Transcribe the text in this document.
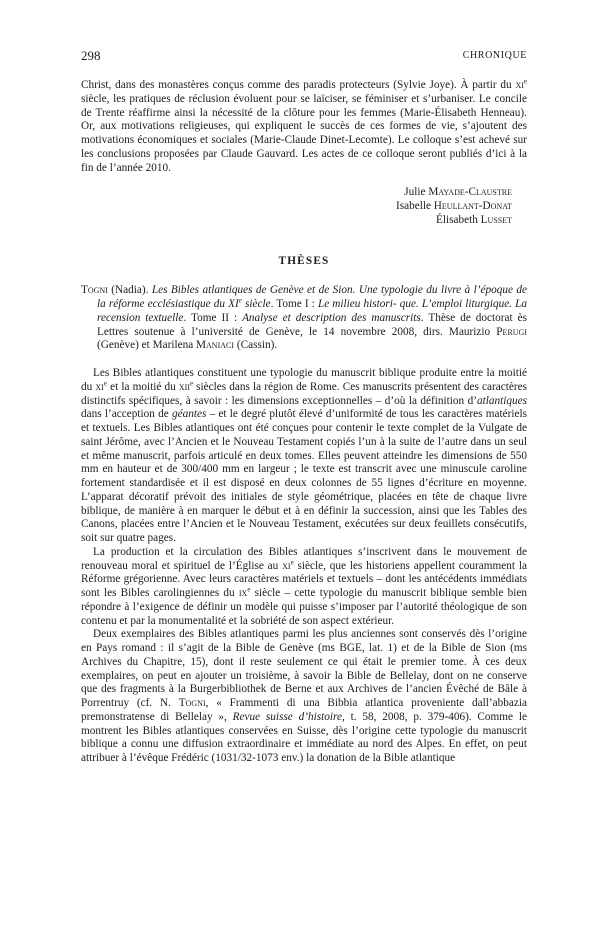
298	CHRONIQUE

Christ, dans des monastères conçus comme des paradis protecteurs (Sylvie Joye). À partir du $xi^e$ siècle, les pratiques de réclusion évoluent pour se laïciser, se féminiser et s’urbaniser. Le concile de Trente réaffirme ainsi la nécessité de la clôture pour les femmes (Marie-Élisabeth Henneau). Or, aux motivations religieuses, qui expliquent le succès de ces formes de vie, s’ajoutent des motivations économiques et sociales (Marie-Claude Dinet-Lecomte). Le colloque s’est achevé sur les conclusions proposées par Claude Gauvard. Les actes de ce colloque seront publiés d’ici à la fin de l’année 2010.

Julie Mayade-Claustre
Isabelle Heullant-Donat
Élisabeth Lusset
THÈSES

Togni (Nadia). Les Bibles atlantiques de Genève et de Sion. Une typologie du livre à l’époque de la réforme ecclésiastique du XIe siècle. Tome I : Le milieu histori- que. L’emploi liturgique. La recension textuelle. Tome II : Analyse et description des manuscrits. Thèse de doctorat ès Lettres soutenue à l’université de Genève, le 14 novembre 2008, dirs. Maurizio Perugi (Genève) et Marilena Maniaci (Cassin).

Les Bibles atlantiques constituent une typologie du manuscrit biblique produite entre la moitié du $xi^e$ et la moitié du xii$^e$ siècles dans la région de Rome. Ces manuscrits présentent des caractères distinctifs spécifiques, à savoir : les dimensions exceptionnelles – d’où la définition d’atlantiques dans l’acception de géantes – et le degré plutôt élevé d’uniformité de tous les caractères matériels et textuels. Les Bibles atlantiques ont été conçues pour contenir le texte complet de la Vulgate de saint Jérôme, avec l’Ancien et le Nouveau Testament copiés l’un à la suite de l’autre dans un seul et même manuscrit, parfois articulé en deux tomes. Elles peuvent atteindre les dimensions de 550 mm en hauteur et de 300/400 mm en largeur ; le texte est transcrit avec une minuscule caroline fortement standardisée et il est disposé en deux colonnes de 55 lignes d’écriture en moyenne. L’apparat décoratif prévoit des initiales de style géométrique, placées en tête de chaque livre biblique, de manière à en marquer le début et à en définir la succession, ainsi que les Tables des Canons, placées entre l’Ancien et le Nouveau Testament, exécutées sur deux feuillets consécutifs, soit sur quatre pages.

La production et la circulation des Bibles atlantiques s’inscrivent dans le mouvement de renouveau moral et spirituel de l’Église au $xi^e$ siècle, que les historiens appellent couramment la Réforme grégorienne. Avec leurs caractères matériels et textuels – dont les antécédents immédiats sont les Bibles carolingiennes du $ix^e$ siècle – cette typologie du manuscrit biblique semble bien répondre à l’exigence de définir un modèle qui puisse s’imposer par l’autorité théologique de son contenu et par la monumentalité et la sobriété de son aspect extérieur.

Deux exemplaires des Bibles atlantiques parmi les plus anciennes sont conservés dès l’origine en Pays romand : il s’agit de la Bible de Genève (ms BGE, lat. 1) et de la Bible de Sion (ms Archives du Chapitre, 15), dont il reste seulement ce qui était le premier tome. À ces deux exemplaires, on peut en ajouter un troisième, à savoir la Bible de Bellelay, dont on ne conserve que des fragments à la Burgerbibliothek de Berne et aux Archives de l’ancien Évêché de Bâle à Porrentruy (cf. N. Togni, « Frammenti di una Bibbia atlantica proveniente dall’abbazia premonstratense di Bellelay », Revue suisse d’histoire, t. 58, 2008, p. 379-406). Comme le montrent les Bibles atlantiques conservées en Suisse, dès l’origine cette typologie du manuscrit biblique a connu une diffusion extraordinaire et immédiate au nord des Alpes. En effet, on peut attribuer à l’évêque Frédéric (1031/32-1073 env.) la donation de la Bible atlantique
